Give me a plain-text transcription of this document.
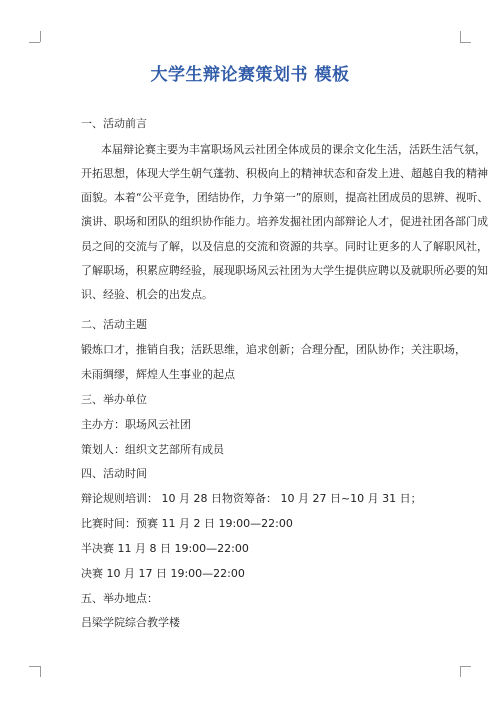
大学生辩论赛策划书 模板
一、活动前言
本届辩论赛主要为丰富职场风云社团全体成员的课余文化生活，活跃生活气氛，
开拓思想，体现大学生朝气蓬勃、积极向上的精神状态和奋发上进、超越自我的精神
面貌。本着“公平竞争，团结协作，力争第一”的原则，提高社团成员的思辨、视听、
演讲、职场和团队的组织协作能力。培养发掘社团内部辩论人才，促进社团各部门成
员之间的交流与了解，以及信息的交流和资源的共享。同时让更多的人了解职风社，
了解职场，积累应聘经验，展现职场风云社团为大学生提供应聘以及就职所必要的知
识、经验、机会的出发点。
二、活动主题
锻炼口才，推销自我；活跃思维，追求创新；合理分配，团队协作；关注职场，
未雨绸缪，辉煌人生事业的起点
三、举办单位
主办方：职场风云社团
策划人：组织文艺部所有成员
四、活动时间
辩论规则培训： 10 月 28 日物资筹备： 10 月 27 日~10 月 31 日；
比赛时间：预赛 11 月 2 日 19:00—22:00
半决赛 11 月 8 日 19:00—22:00
决赛 10 月 17 日 19:00—22:00
五、举办地点：
吕梁学院综合教学楼
